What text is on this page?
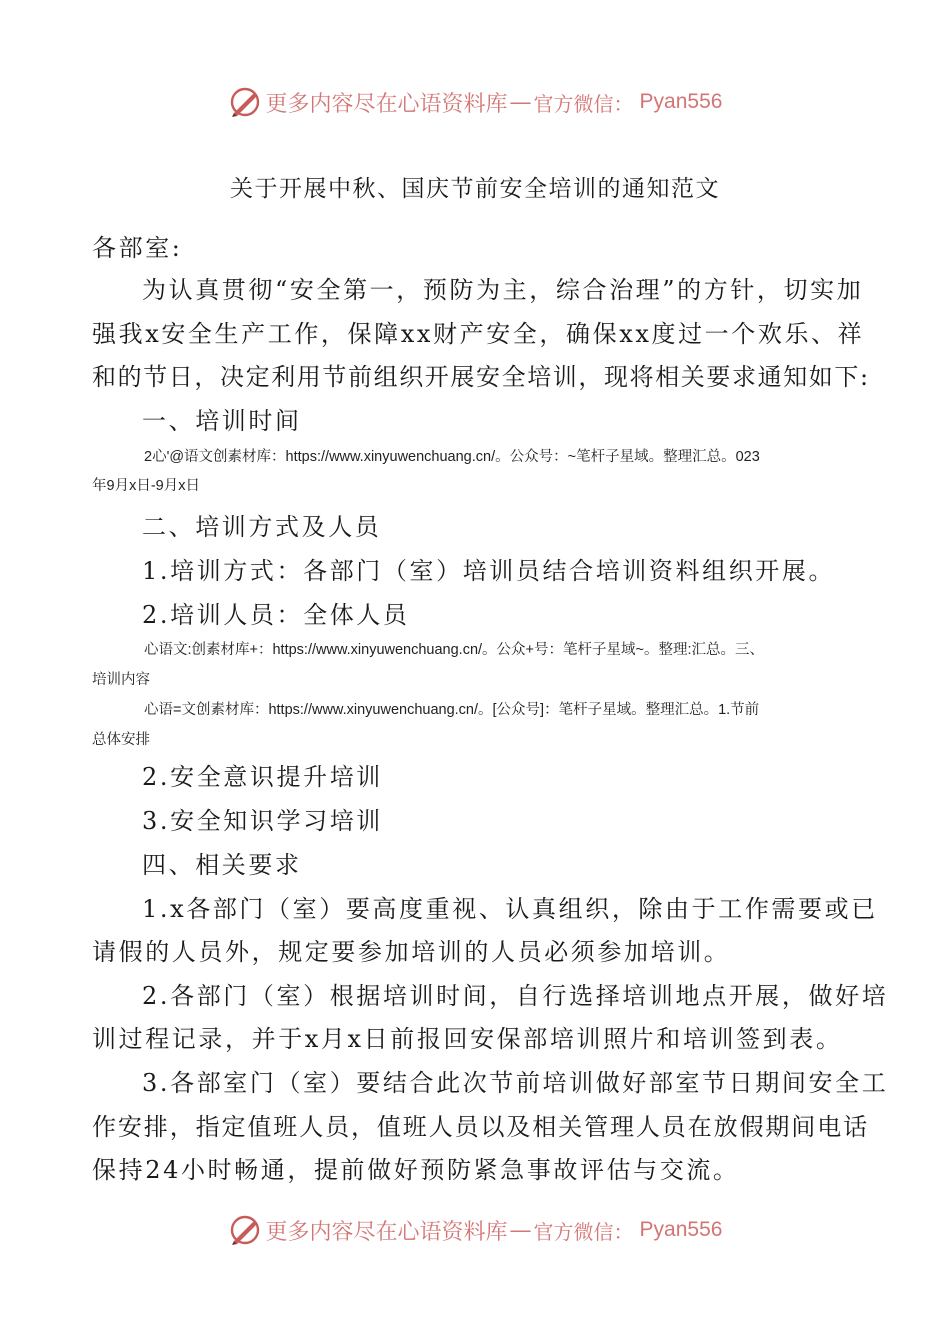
更多内容尽在心语资料库 — 官方微信： Pyan556
关于开展中秋、国庆节前安全培训的通知范文
各部室:
为认真贯彻“安全第一，预防为主，综合治理”的方针，切实加
强我x安全生产工作，保障xx财产安全，确保xx度过一个欢乐、祥
和的节日，决定利用节前组织开展安全培训，现将相关要求通知如下:
一、培训时间
2心'@语文创素材库：https://www.xinyuwenchuang.cn/。公众号：~笔杆子星域。整理汇总。023
年9月x日-9月x日
二、培训方式及人员
1.培训方式：各部门（室）培训员结合培训资料组织开展。
2.培训人员：全体人员
心语文:创素材库+：https://www.xinyuwenchuang.cn/。公众+号：笔杆子星域~。整理:汇总。三、
培训内容
心语=文创素材库：https://www.xinyuwenchuang.cn/。[公众号]：笔杆子星域。整理汇总。1.节前
总体安排
2.安全意识提升培训
3.安全知识学习培训
四、相关要求
1.x各部门（室）要高度重视、认真组织，除由于工作需要或已
请假的人员外，规定要参加培训的人员必须参加培训。
2.各部门（室）根据培训时间，自行选择培训地点开展，做好培
训过程记录，并于x月x日前报回安保部培训照片和培训签到表。
3.各部室门（室）要结合此次节前培训做好部室节日期间安全工
作安排，指定值班人员，值班人员以及相关管理人员在放假期间电话
保持24小时畅通，提前做好预防紧急事故评估与交流。
更多内容尽在心语资料库 — 官方微信： Pyan556
